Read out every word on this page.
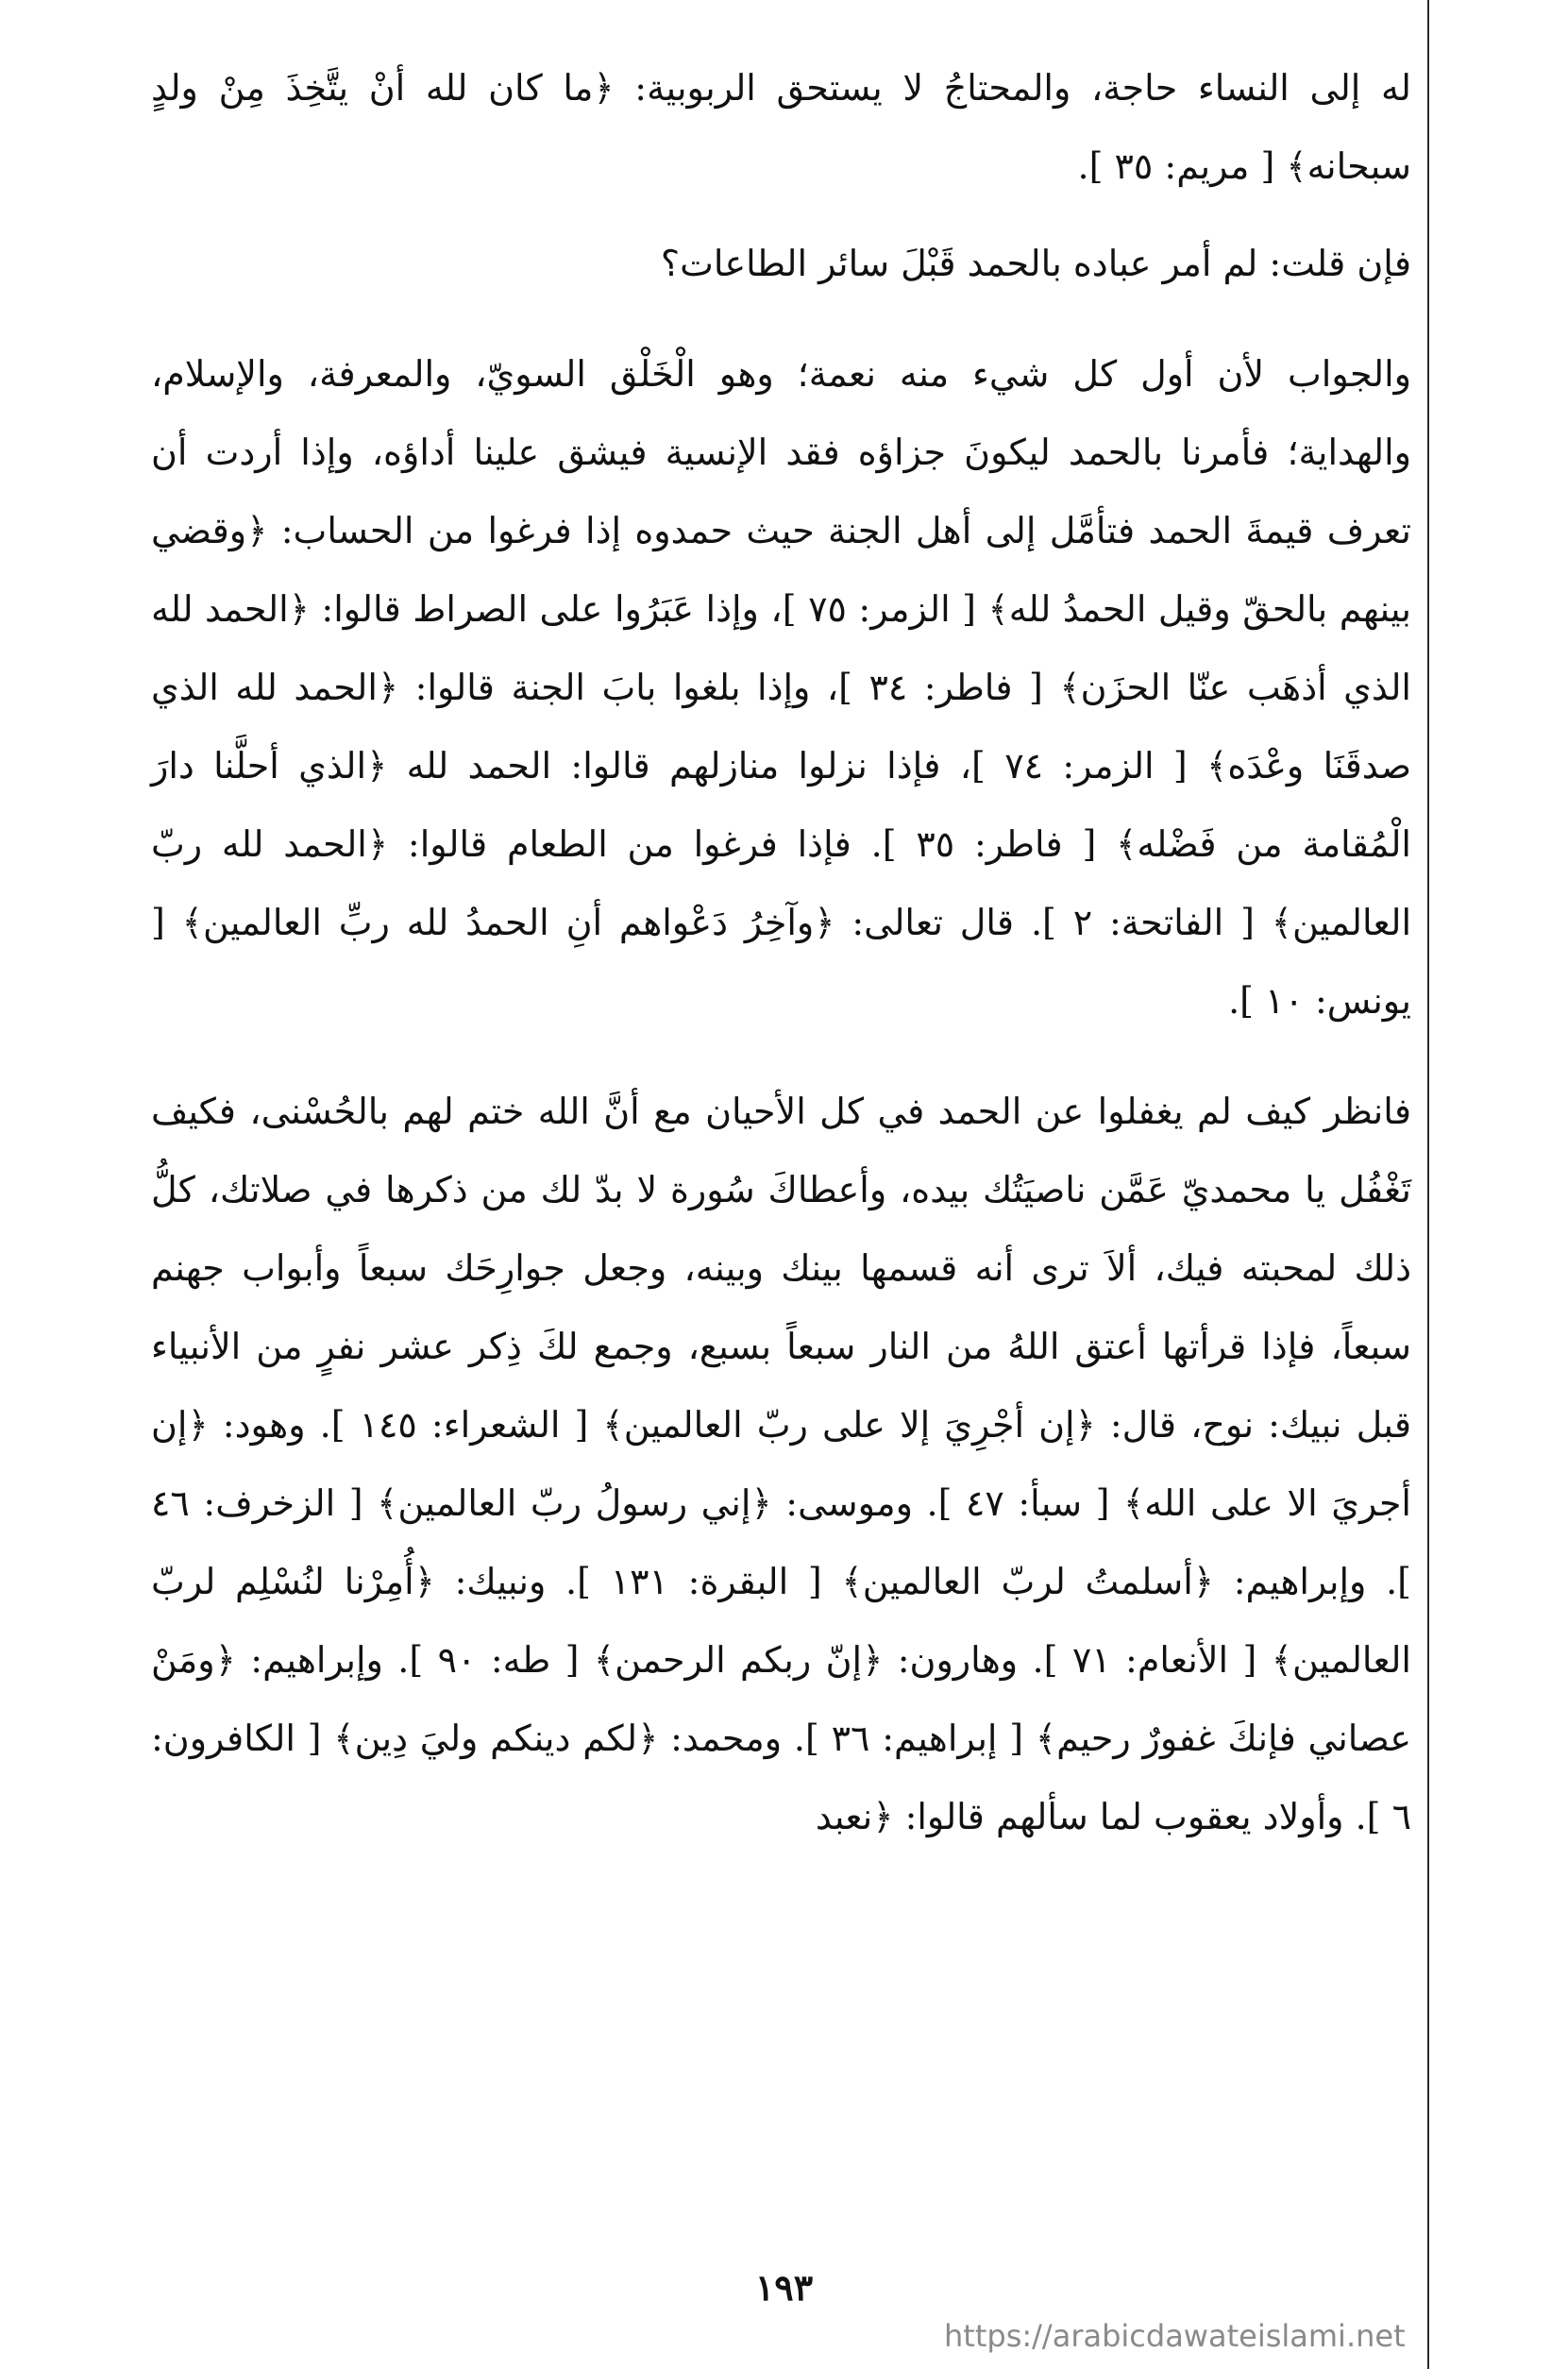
له إلى النساء حاجة، والمحتاجُ لا يستحق الربوبية: ﴿ما كان لله أنْ يتَّخِذَ مِنْ ولدٍ سبحانه﴾ [ مريم: ٣٥ ].

فإن قلت: لم أمر عباده بالحمد قَبْلَ سائر الطاعات؟

والجواب لأن أول كل شيء منه نعمة؛ وهو الْخَلْق السويّ، والمعرفة، والإسلام، والهداية؛ فأمرنا بالحمد ليكونَ جزاؤه فقد الإنسية فيشق علينا أداؤه، وإذا أردت أن تعرف قيمةَ الحمد فتأمَّل إلى أهل الجنة حيث حمدوه إذا فرغوا من الحساب: ﴿وقضي بينهم بالحقّ وقيل الحمدُ لله﴾ [ الزمر: ٧٥ ]، وإذا عَبَرُوا على الصراط قالوا: ﴿الحمد لله الذي أذهَب عنّا الحزَن﴾ [ فاطر: ٣٤ ]، وإذا بلغوا بابَ الجنة قالوا: ﴿الحمد لله الذي صدقَنَا وعْدَه﴾ [ الزمر: ٧٤ ]، فإذا نزلوا منازلهم قالوا: الحمد لله ﴿الذي أحلَّنا دارَ الْمُقامة من فَضْله﴾ [ فاطر: ٣٥ ]. فإذا فرغوا من الطعام قالوا: ﴿الحمد لله ربّ العالمين﴾ [ الفاتحة: ٢ ]. قال تعالى: ﴿وآخِرُ دَعْواهم أنِ الحمدُ لله ربِّ العالمين﴾ [ يونس: ١٠ ].

فانظر كيف لم يغفلوا عن الحمد في كل الأحيان مع أنَّ الله ختم لهم بالحُسْنى، فكيف تَغْفُل يا محمديّ عَمَّن ناصيَتُك بيده، وأعطاكَ سُورة لا بدّ لك من ذكرها في صلاتك، كلُّ ذلك لمحبته فيك، ألاَ ترى أنه قسمها بينك وبينه، وجعل جوارِحَك سبعاً وأبواب جهنم سبعاً، فإذا قرأتها أعتق اللهُ من النار سبعاً بسبع، وجمع لكَ ذِكر عشر نفرٍ من الأنبياء قبل نبيك: نوح، قال: ﴿إن أجْرِيَ إلا على ربّ العالمين﴾ [ الشعراء: ١٤٥ ]. وهود: ﴿إن أجريَ الا على الله﴾ [ سبأ: ٤٧ ]. وموسى: ﴿إني رسولُ ربّ العالمين﴾ [ الزخرف: ٤٦ ]. وإبراهيم: ﴿أسلمتُ لربّ العالمين﴾ [ البقرة: ١٣١ ]. ونبيك: ﴿أُمِرْنا لنُسْلِم لربّ العالمين﴾ [ الأنعام: ٧١ ]. وهارون: ﴿إنّ ربكم الرحمن﴾ [ طه: ٩٠ ]. وإبراهيم: ﴿ومَنْ عصاني فإنكَ غفورٌ رحيم﴾ [ إبراهيم: ٣٦ ]. ومحمد: ﴿لكم دينكم وليَ دِين﴾ [ الكافرون: ٦ ]. وأولاد يعقوب لما سألهم قالوا: ﴿نعبد

١٩٣
https://arabicdawateislami.net
